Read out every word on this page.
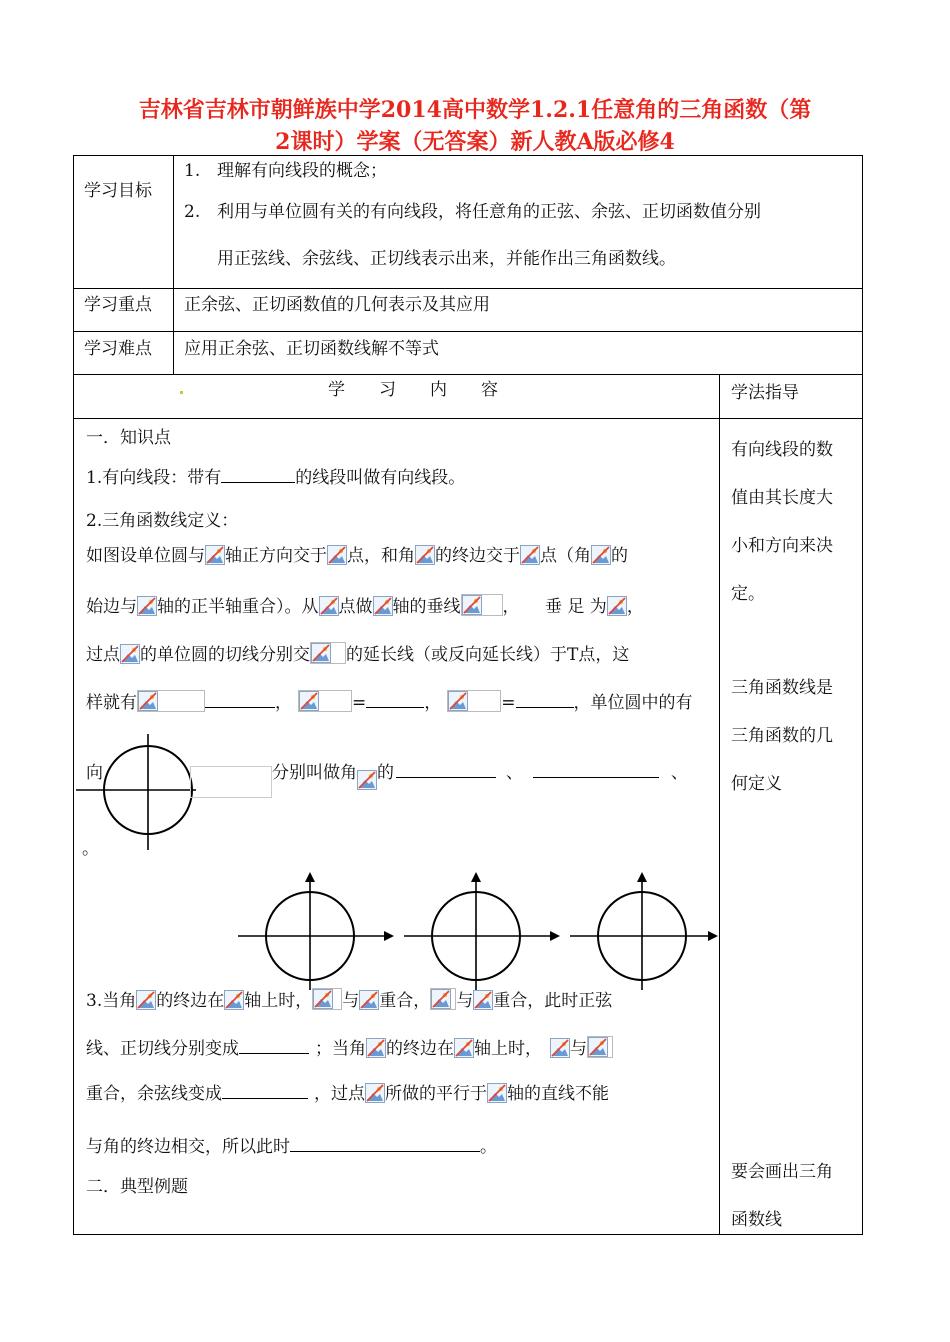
吉林省吉林市朝鲜族中学2014高中数学1.2.1任意角的三角函数（第
2课时）学案（无答案）新人教A版必修4
学习目标
1. 理解有向线段的概念；
2. 利用与单位圆有关的有向线段，将任意角的正弦、余弦、正切函数值分别
用正弦线、余弦线、正切线表示出来，并能作出三角函数线。
学习重点 正余弦、正切函数值的几何表示及其应用
学习难点 应用正余弦、正切函数线解不等式
学　　习　　内　　容	学法指导
一．知识点
1.有向线段：带有	的线段叫做有向线段。
2.三角函数线定义：
如图设单位圆与 轴正方向交于 点，和角 的终边交于 点（角 的
始边与 轴的正半轴重合）。从 点做 轴的垂线 ，　　垂 足 为 ，
过点 的单位圆的切线分别交 的延长线（或反向延长线）于T点，这
样就有	，	=	，	=	，单位圆中的有
向	分别叫做角 的	、	、
。
3.当角 的终边在 轴上时， 与 重合， 与 重合，此时正弦
线、正切线分别变成	；当角 的终边在 轴上时， 与
重合，余弦线变成	，过点 所做的平行于 轴的直线不能
与角的终边相交，所以此时	。
二．典型例题
有向线段的数
值由其长度大
小和方向来决
定。
三角函数线是
三角函数的几
何定义
要会画出三角
函数线
